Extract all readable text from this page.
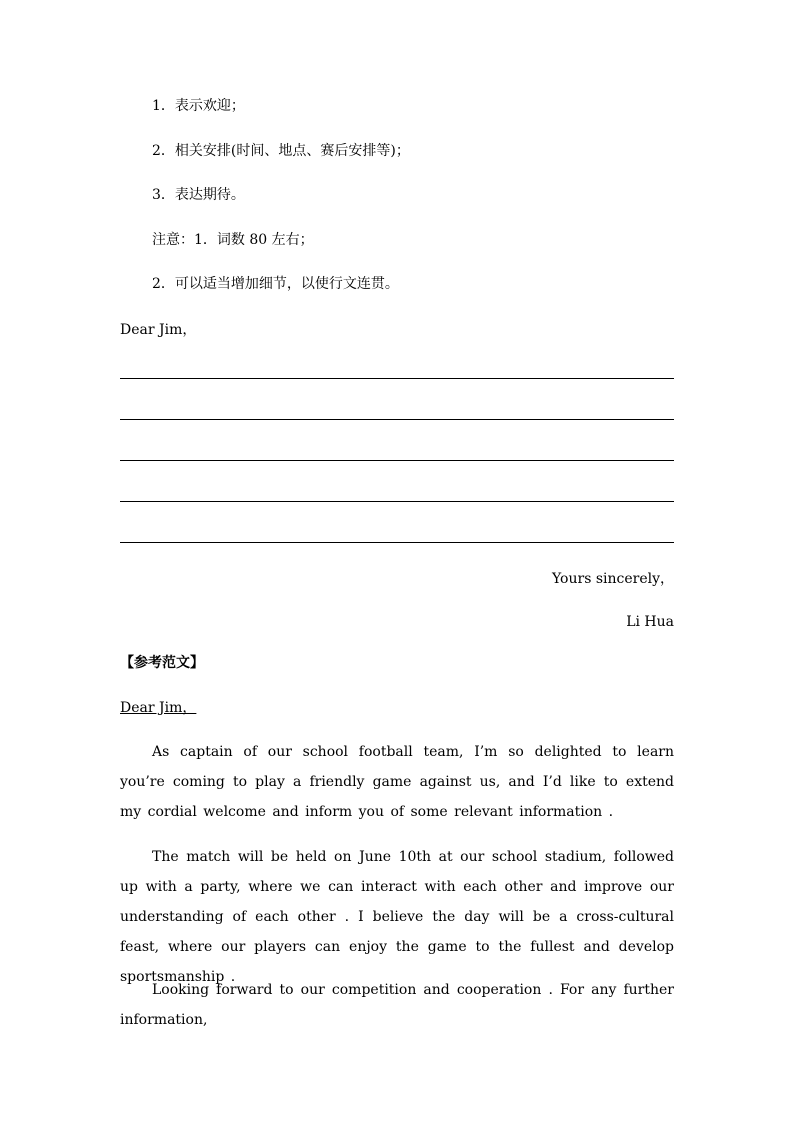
1．表示欢迎；
2．相关安排(时间、地点、赛后安排等)；
3．表达期待。
注意：1．词数 80 左右；
2．可以适当增加细节，以使行文连贯。
Dear Jim，
Yours sincerely，
Li Hua
【参考范文】
Dear Jim，
As captain of our school football team, I’m so delighted to learn you’re coming to play a friendly game against us, and I’d like to extend my cordial welcome and inform you of some relevant information .
The match will be held on June 10th at our school stadium, followed up with a party, where we can interact with each other and improve our understanding of each other . I believe the day will be a cross-cultural feast, where our players can enjoy the game to the fullest and develop sportsmanship .
Looking forward to our competition and cooperation . For any further information,
